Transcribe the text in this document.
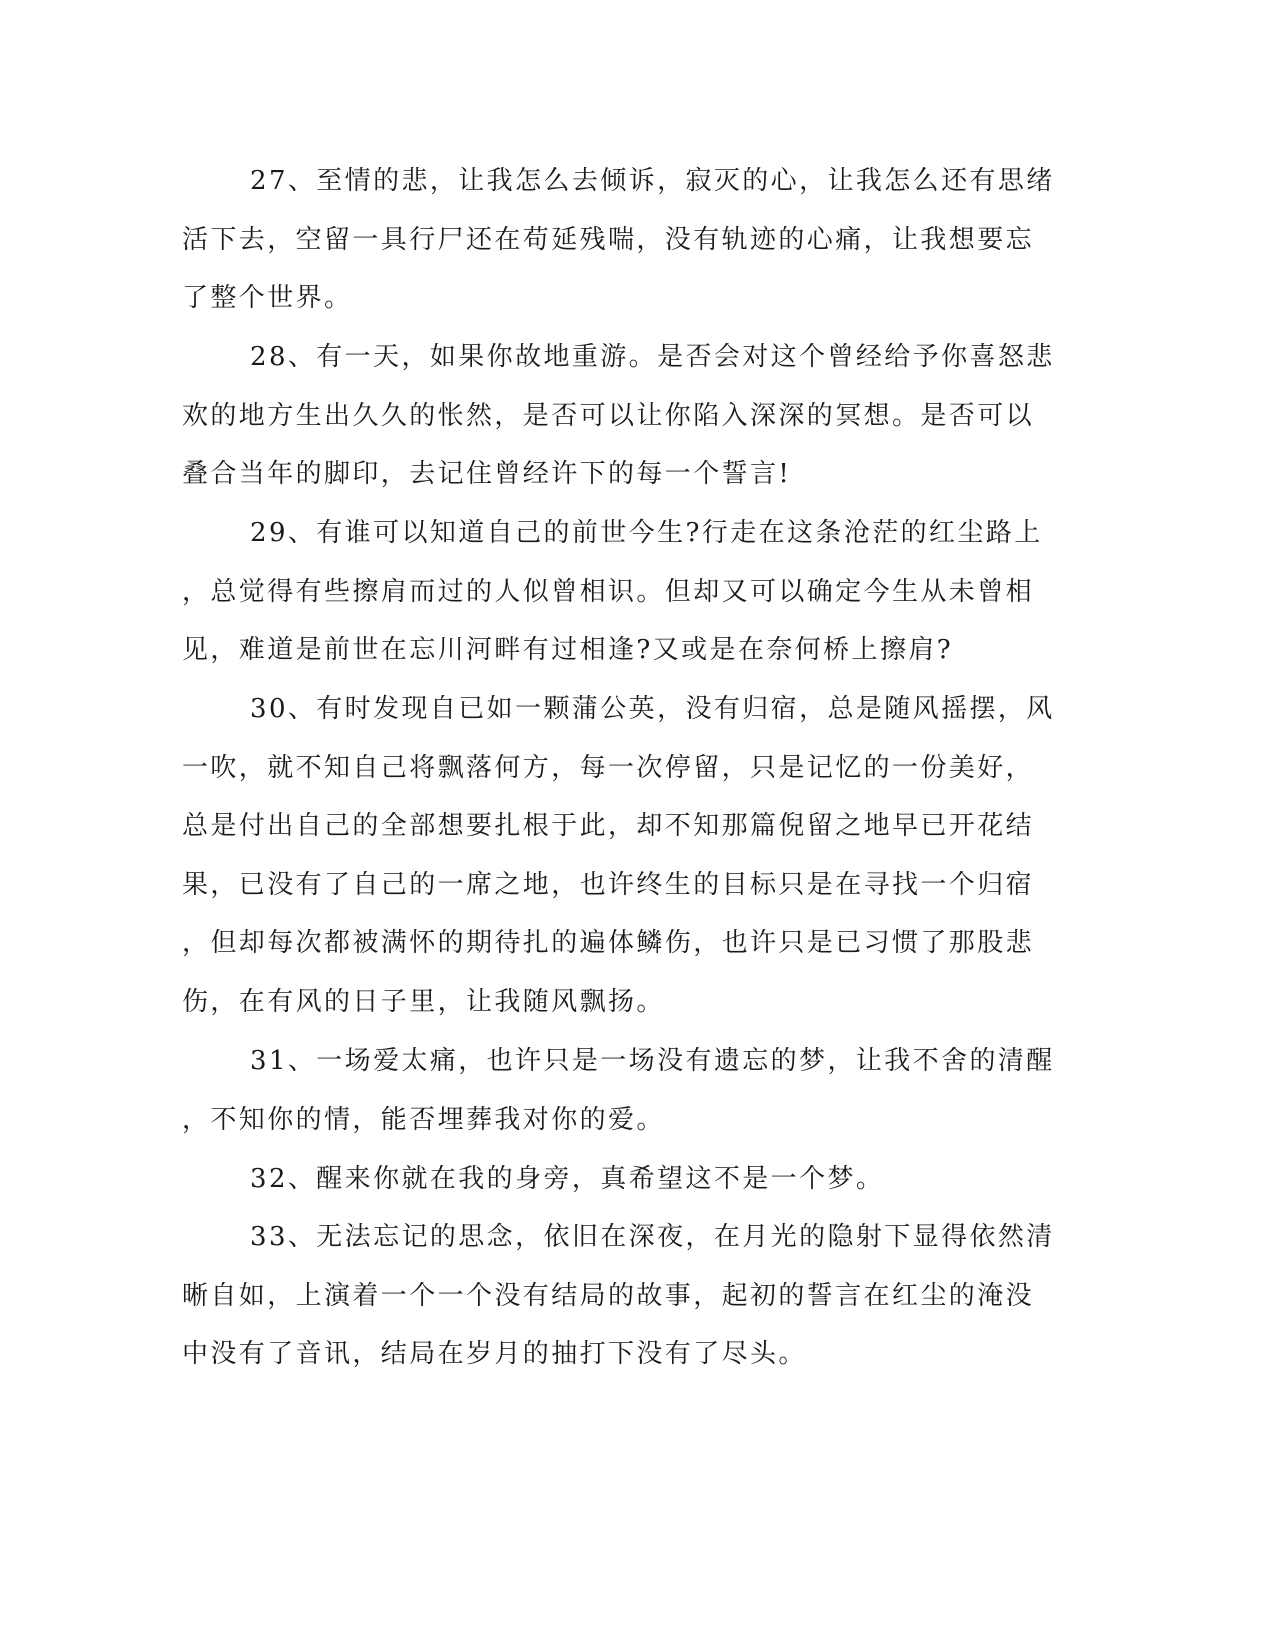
27、至情的悲，让我怎么去倾诉，寂灭的心，让我怎么还有思绪
活下去，空留一具行尸还在苟延残喘，没有轨迹的心痛，让我想要忘
了整个世界。
28、有一天，如果你故地重游。是否会对这个曾经给予你喜怒悲
欢的地方生出久久的怅然，是否可以让你陷入深深的冥想。是否可以
叠合当年的脚印，去记住曾经许下的每一个誓言!
29、有谁可以知道自己的前世今生?行走在这条沧茫的红尘路上
，总觉得有些擦肩而过的人似曾相识。但却又可以确定今生从未曾相
见，难道是前世在忘川河畔有过相逢?又或是在奈何桥上擦肩?
30、有时发现自已如一颗蒲公英，没有归宿，总是随风摇摆，风
一吹，就不知自己将飘落何方，每一次停留，只是记忆的一份美好，
总是付出自己的全部想要扎根于此，却不知那篇倪留之地早已开花结
果，已没有了自己的一席之地，也许终生的目标只是在寻找一个归宿
，但却每次都被满怀的期待扎的遍体鳞伤，也许只是已习惯了那股悲
伤，在有风的日子里，让我随风飘扬。
31、一场爱太痛，也许只是一场没有遗忘的梦，让我不舍的清醒
，不知你的情，能否埋葬我对你的爱。
32、醒来你就在我的身旁，真希望这不是一个梦。
33、无法忘记的思念，依旧在深夜，在月光的隐射下显得依然清
晰自如，上演着一个一个没有结局的故事，起初的誓言在红尘的淹没
中没有了音讯，结局在岁月的抽打下没有了尽头。
